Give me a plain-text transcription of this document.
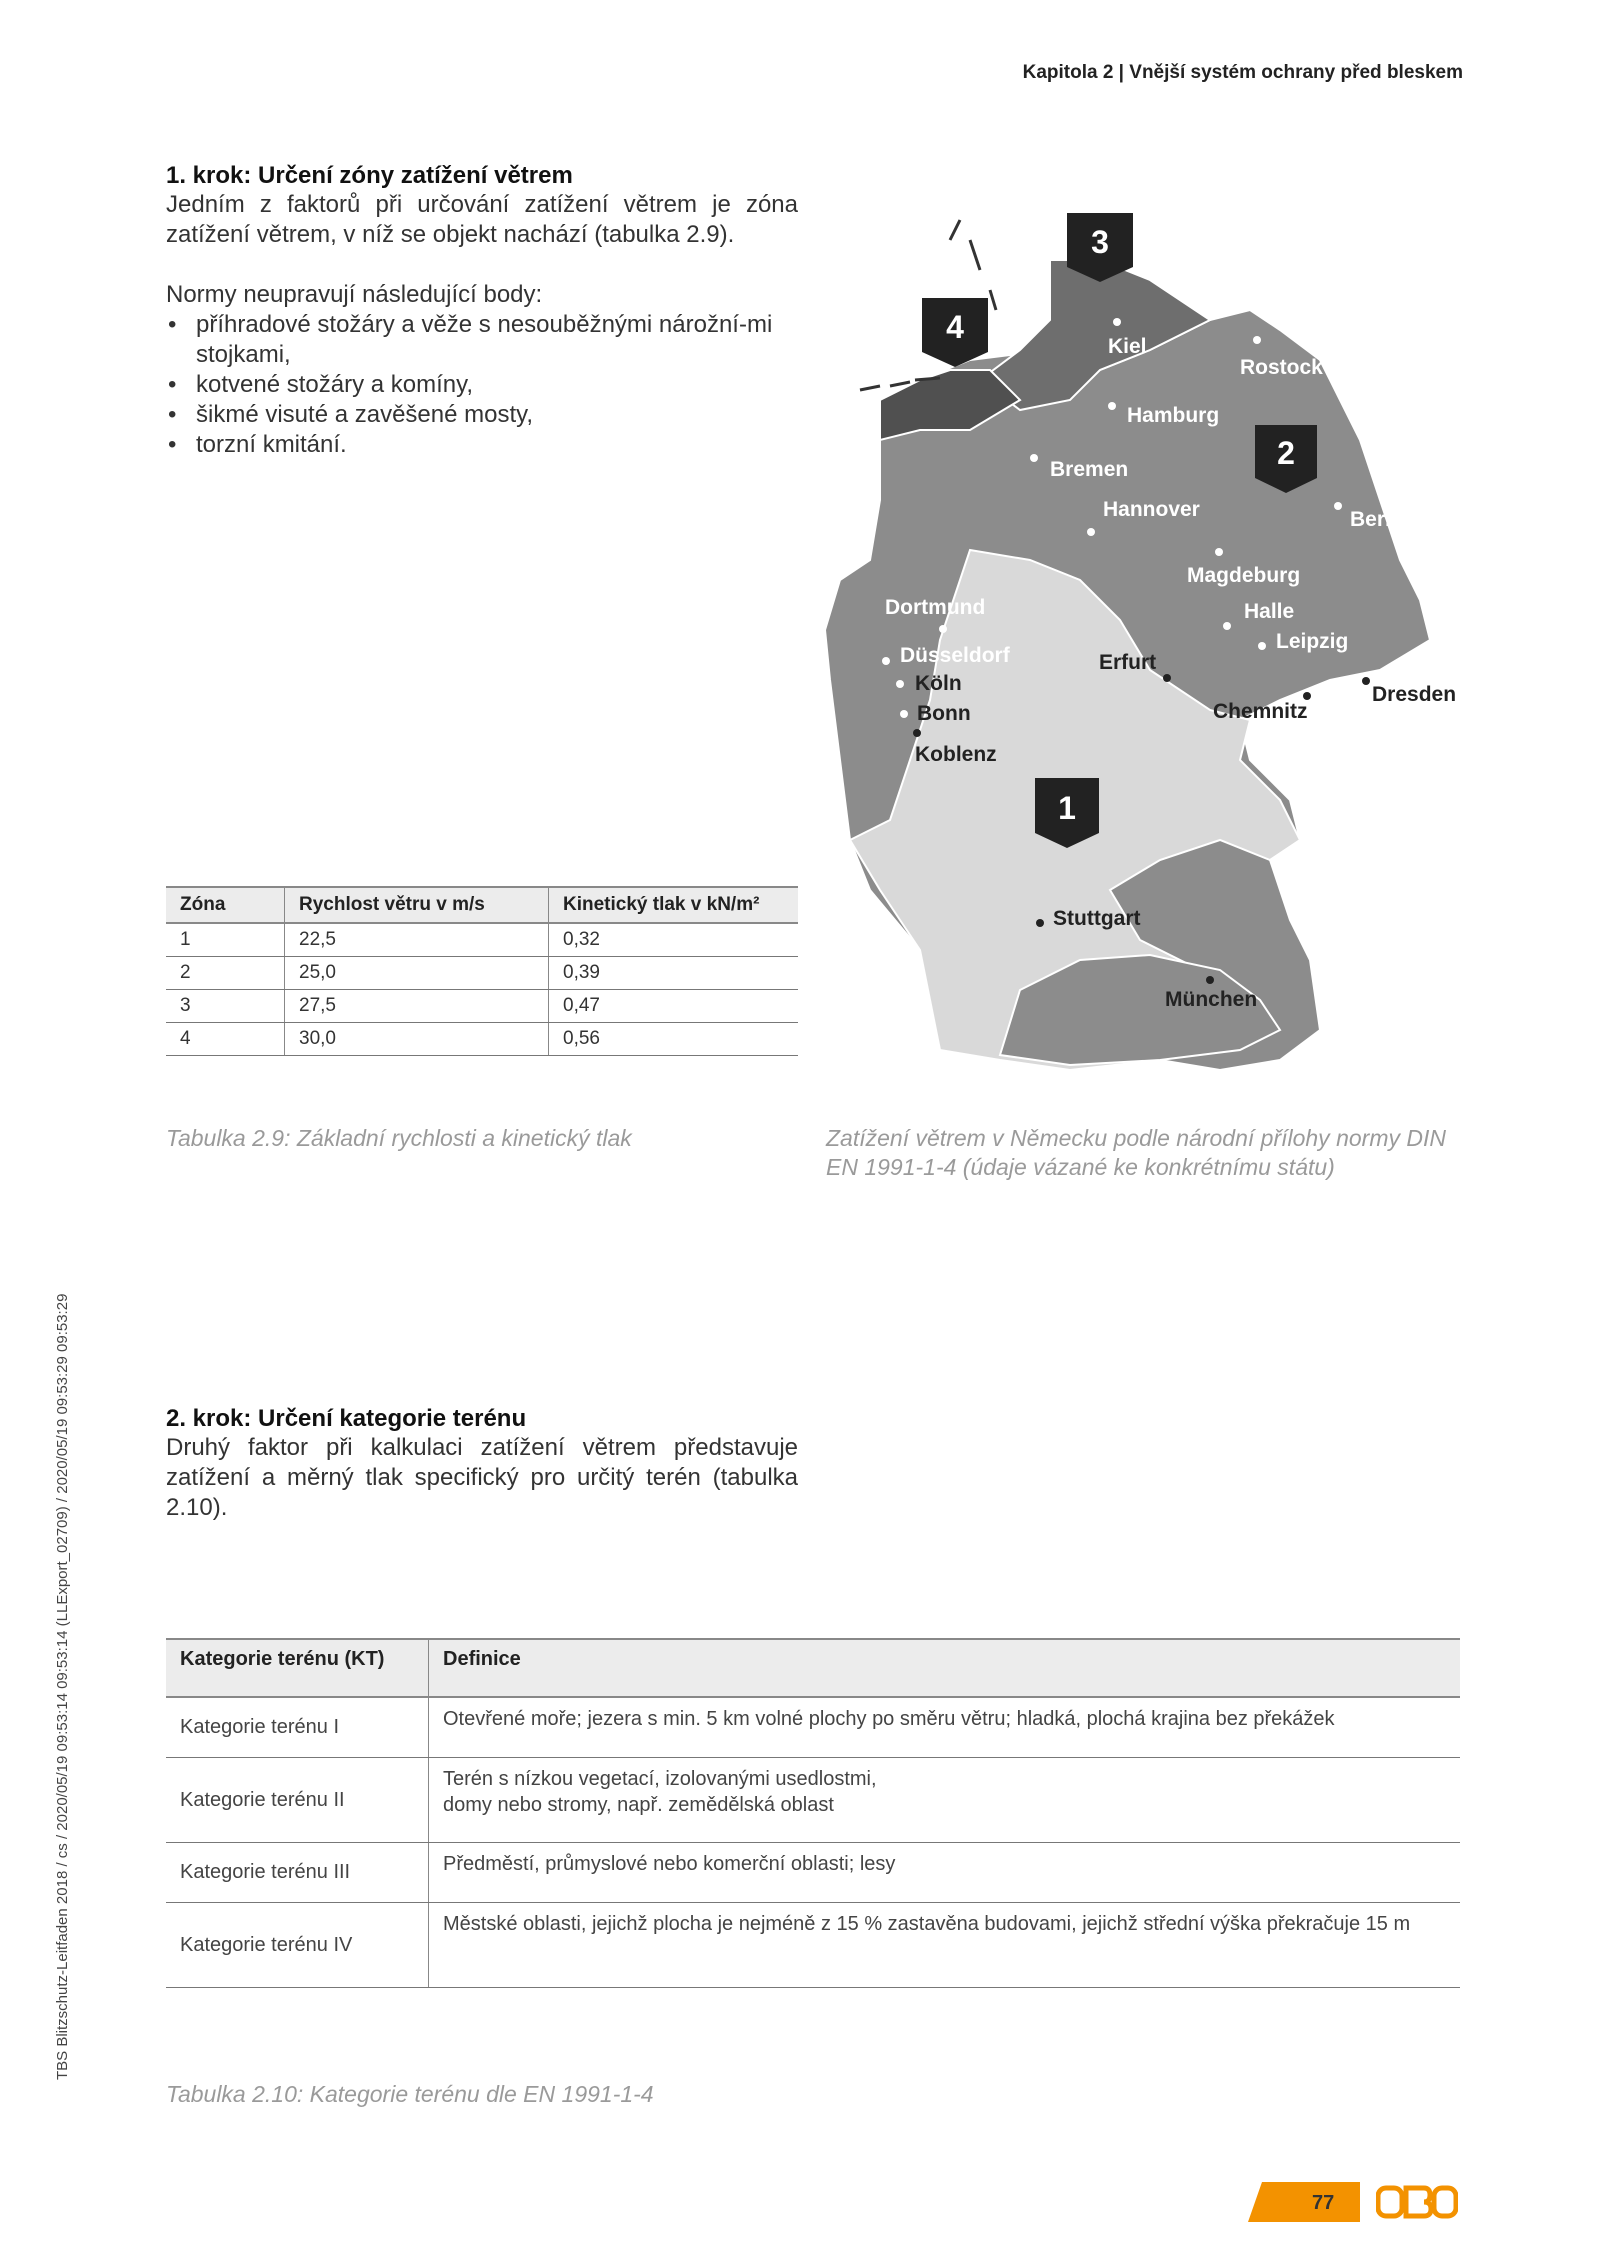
Kapitola 2 | Vnější systém ochrany před bleskem
1. krok: Určení zóny zatížení větrem
Jedním z faktorů při určování zatížení větrem je zóna zatížení větrem, v níž se objekt nachází (tabulka 2.9).
Normy neupravují následující body:
• příhradové stožáry a věže s nesouběžnými nárožní-mi stojkami,
• kotvené stožáry a komíny,
• šikmé visuté a zavěšené mosty,
• torzní kmitání.
Zóna	Rychlost větru v m/s	Kinetický tlak v kN/m²
1	22,5	0,32
2	25,0	0,39
3	27,5	0,47
4	30,0	0,56
Tabulka 2.9: Základní rychlosti a kinetický tlak
3
4
2
1
Kiel
Rostock
Hamburg
Bremen
Hannover	Berlin
Magdeburg
Dortmund	Halle
Leipzig
Düsseldorf	Erfurt
Köln	Dresden
Bonn	Chemnitz
Koblenz
Stuttgart
München
Zatížení větrem v Německu podle národní přílohy normy DIN EN 1991-1-4 (údaje vázané ke konkrétnímu státu)
2. krok: Určení kategorie terénu
Druhý faktor při kalkulaci zatížení větrem představuje zatížení a měrný tlak specifický pro určitý terén (tabulka 2.10).
Kategorie terénu (KT)	Definice
Kategorie terénu I	Otevřené moře; jezera s min. 5 km volné plochy po směru větru; hladká, plochá krajina bez překážek
Kategorie terénu II	Terén s nízkou vegetací, izolovanými usedlostmi, domy nebo stromy, např. zemědělská oblast
Kategorie terénu III	Předměstí, průmyslové nebo komerční oblasti; lesy
Kategorie terénu IV	Městské oblasti, jejichž plocha je nejméně z 15 % zastavěna budovami, jejichž střední výška překračuje 15 m
Tabulka 2.10: Kategorie terénu dle EN 1991-1-4
TBS Blitzschutz-Leitfaden 2018 / cs / 2020/05/19 09:53:14 09:53:14 (LLExport_02709) / 2020/05/19 09:53:29 09:53:29
77
